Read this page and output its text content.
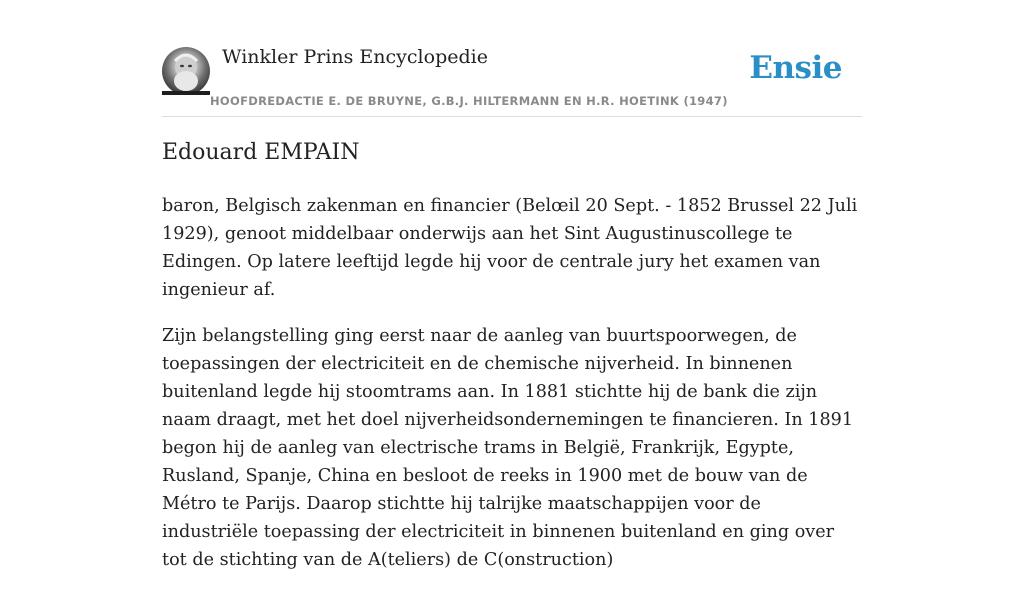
Winkler Prins Encyclopedie
HOOFDREDACTIE E. DE BRUYNE, G.B.J. HILTERMANN EN H.R. HOETINK (1947)
Ensie
Edouard EMPAIN

baron, Belgisch zakenman en financier (Belœil 20 Sept. - 1852 Brussel 22 Juli 1929), genoot middelbaar onderwijs aan het Sint Augustinuscollege te Edingen. Op latere leeftijd legde hij voor de centrale jury het examen van ingenieur af.

Zijn belangstelling ging eerst naar de aanleg van buurtspoorwegen, de toepassingen der electriciteit en de chemische nijverheid. In binnenen buitenland legde hij stoomtrams aan. In 1881 stichtte hij de bank die zijn naam draagt, met het doel nijverheidsondernemingen te financieren. In 1891 begon hij de aanleg van electrische trams in België, Frankrijk, Egypte, Rusland, Spanje, China en besloot de reeks in 1900 met de bouw van de Métro te Parijs. Daarop stichtte hij talrijke maatschappijen voor de industriële toepassing der electriciteit in binnenen buitenland en ging over tot de stichting van de A(teliers) de C(onstruction)
